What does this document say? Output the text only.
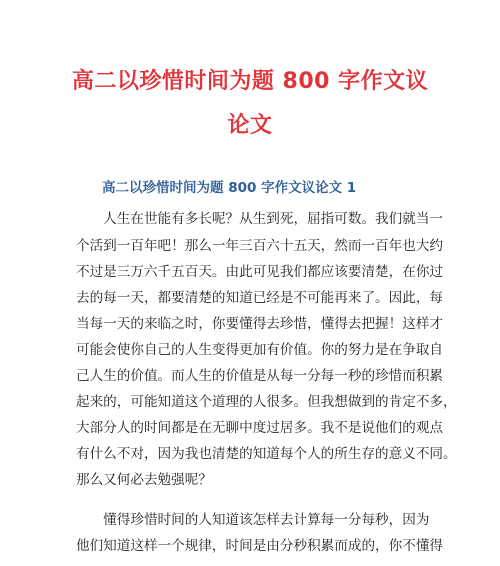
高二以珍惜时间为题 800 字作文议
论文
高二以珍惜时间为题 800 字作文议论文 1
　　人生在世能有多长呢？从生到死，屈指可数。我们就当一
个活到一百年吧！那么一年三百六十五天，然而一百年也大约
不过是三万六千五百天。由此可见我们都应该要清楚，在你过
去的每一天，都要清楚的知道已经是不可能再来了。因此，每
当每一天的来临之时，你要懂得去珍惜，懂得去把握！这样才
可能会使你自己的人生变得更加有价值。你的努力是在争取自
己人生的价值。而人生的价值是从每一分每一秒的珍惜而积累
起来的，可能知道这个道理的人很多。但我想做到的肯定不多，
大部分人的时间都是在无聊中度过居多。我不是说他们的观点
有什么不对，因为我也清楚的知道每个人的所生存的意义不同。
那么又何必去勉强呢？
　　懂得珍惜时间的人知道该怎样去计算每一分每秒，因为
他们知道这样一个规律，时间是由分秒积累而成的，你不懂得
